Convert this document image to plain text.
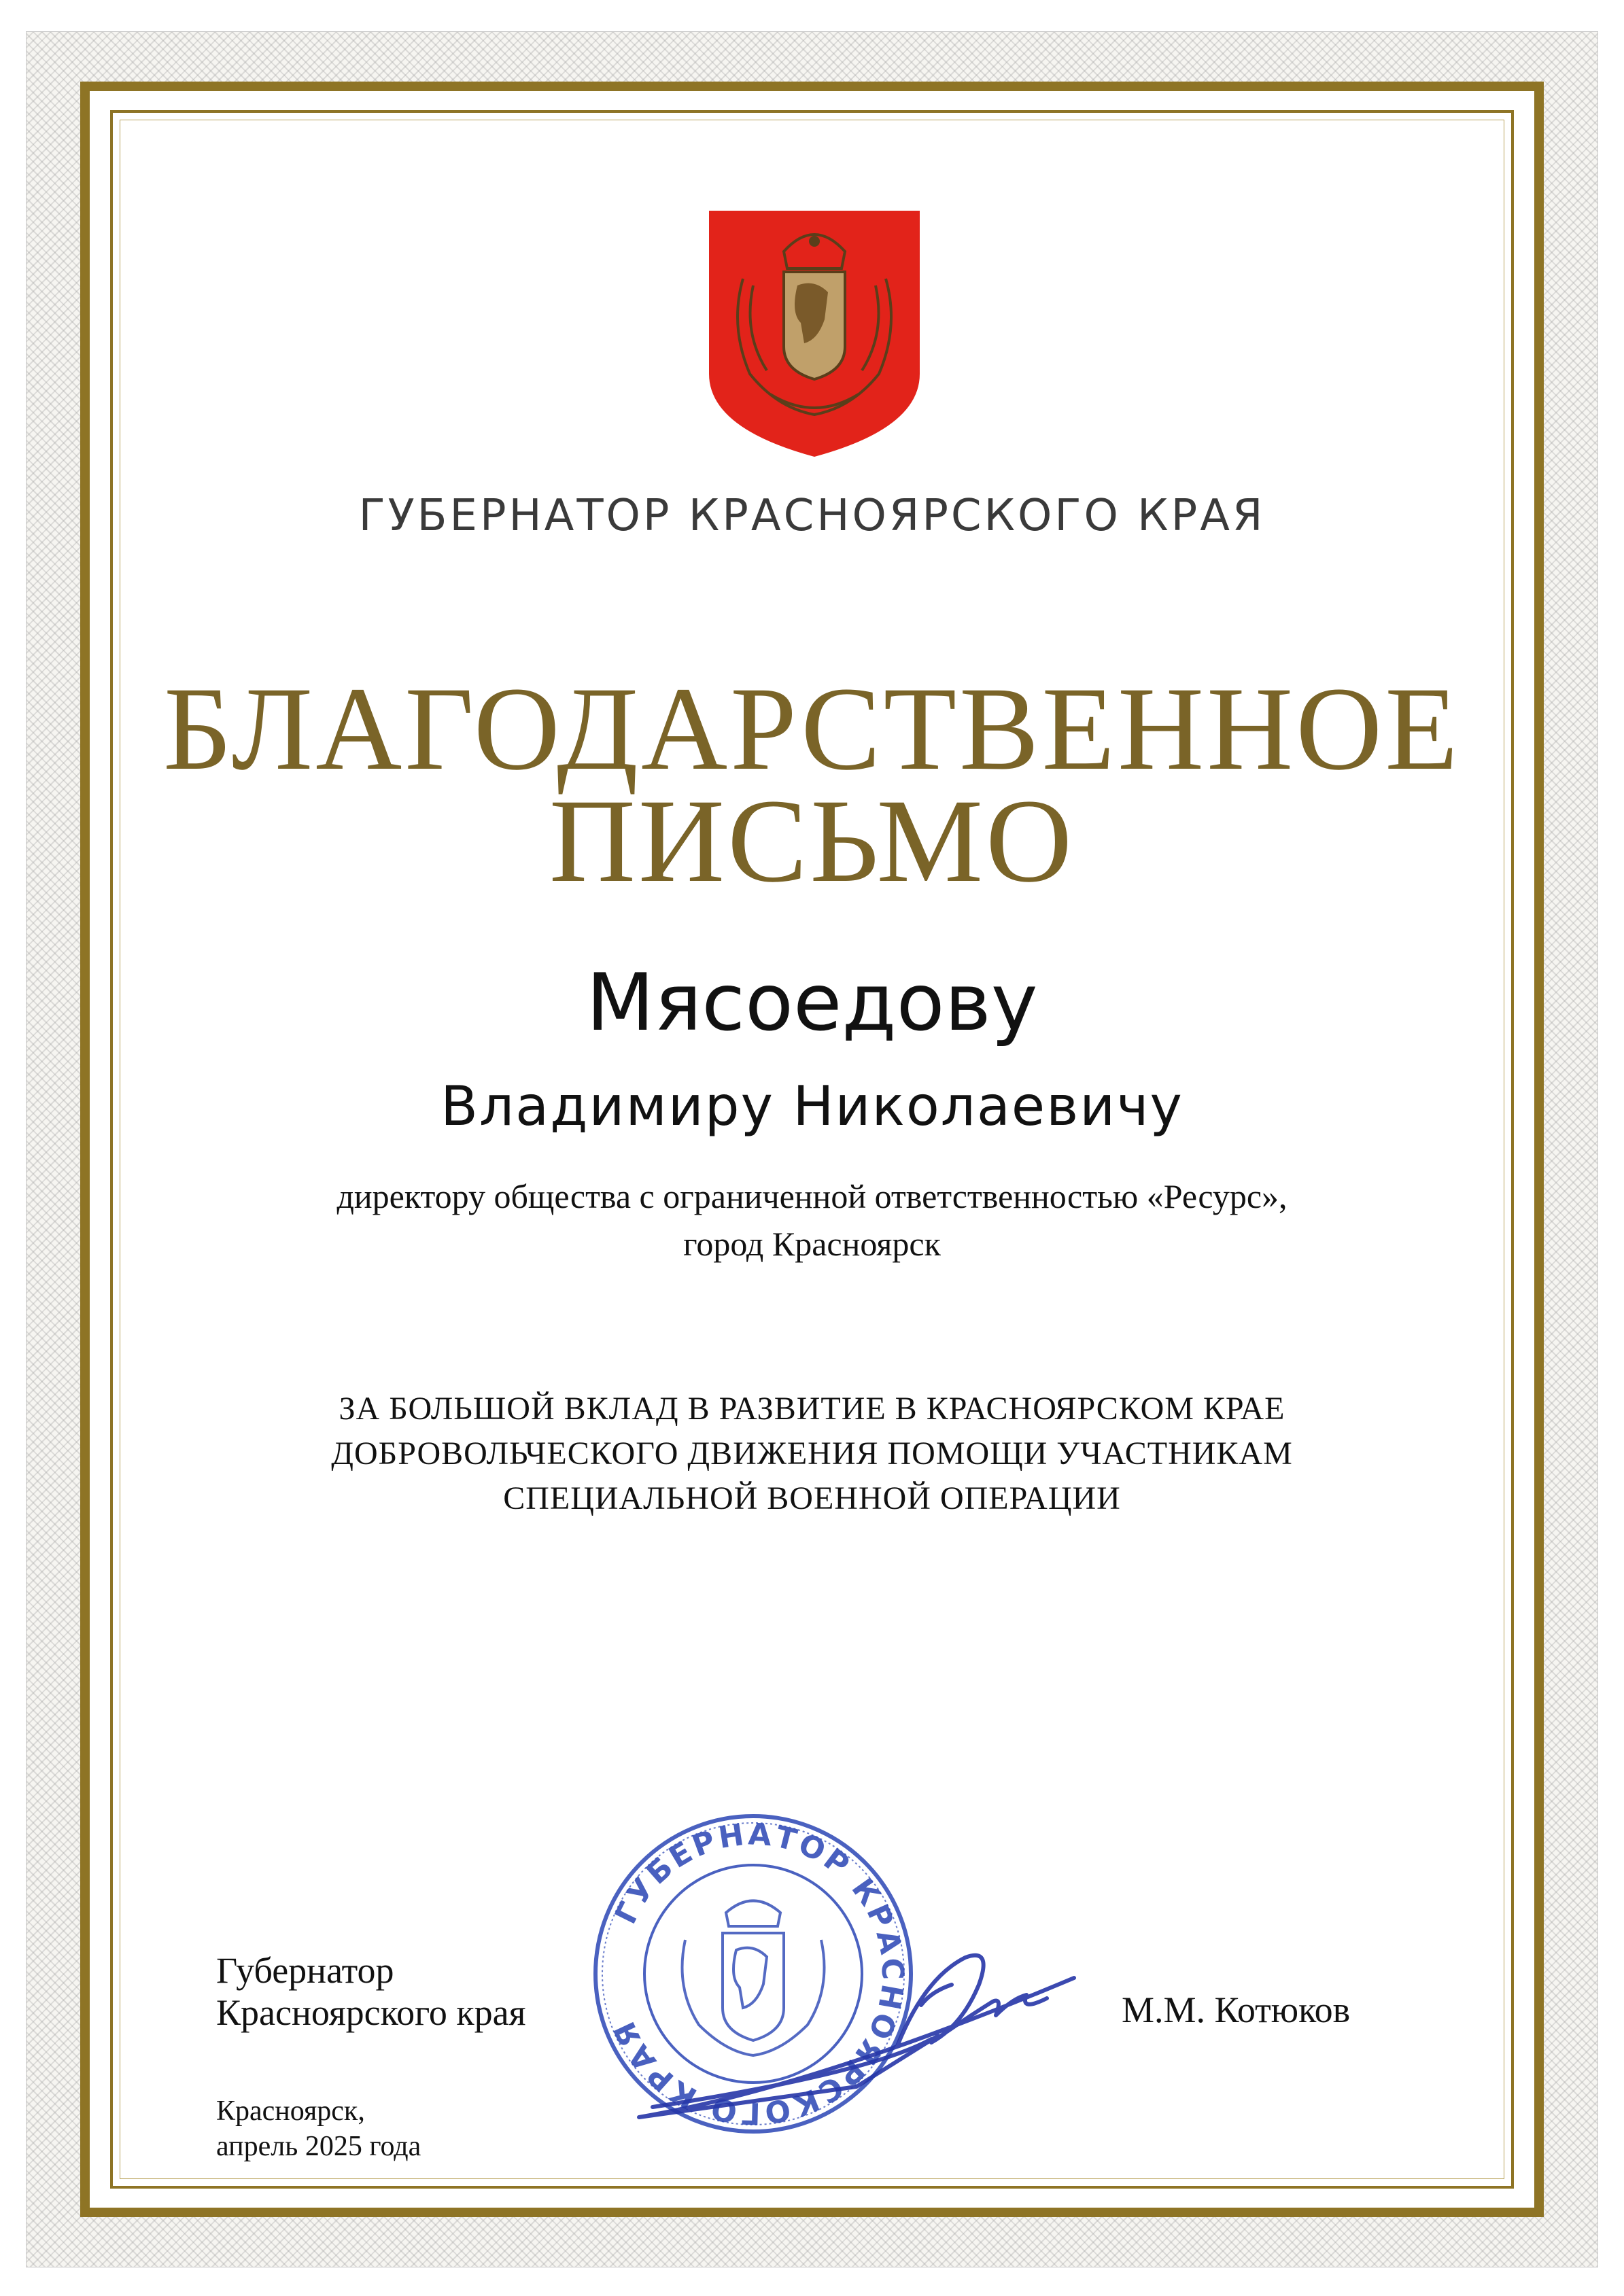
ГУБЕРНАТОР КРАСНОЯРСКОГО КРАЯ

БЛАГОДАРСТВЕННОЕ

ПИСЬМО

Мясоедову

Владимиру Николаевичу

директору общества с ограниченной ответственностью «Ресурс»,
город Красноярск
ЗА БОЛЬШОЙ ВКЛАД В РАЗВИТИЕ В КРАСНОЯРСКОМ КРАЕ
ДОБРОВОЛЬЧЕСКОГО ДВИЖЕНИЯ ПОМОЩИ УЧАСТНИКАМ
СПЕЦИАЛЬНОЙ ВОЕННОЙ ОПЕРАЦИИ
ГУБЕРНАТОР КРАСНОЯРСКОГО КРАЯ

Губернатор
Красноярского края	М.М. Котюков

Красноярск,
апрель 2025 года
